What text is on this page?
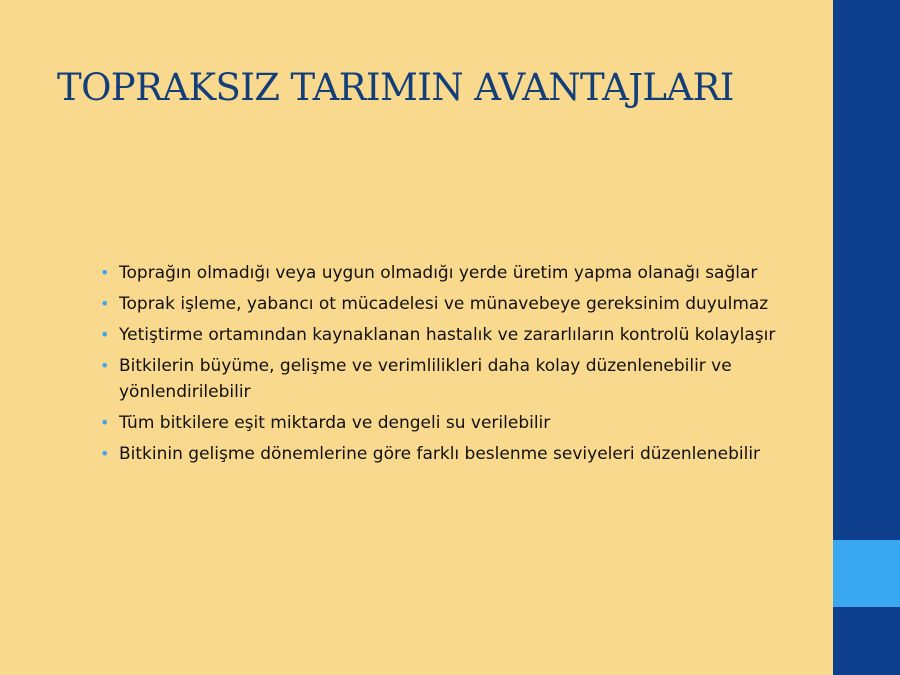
TOPRAKSIZ TARIMIN AVANTAJLARI
• Toprağın olmadığı veya uygun olmadığı yerde üretim yapma olanağı sağlar
• Toprak işleme, yabancı ot mücadelesi ve münavebeye gereksinim duyulmaz
• Yetiştirme ortamından kaynaklanan hastalık ve zararlıların kontrolü kolaylaşır
• Bitkilerin büyüme, gelişme ve verimlilikleri daha kolay düzenlenebilir ve yönlendirilebilir
• Tüm bitkilere eşit miktarda ve dengeli su verilebilir
• Bitkinin gelişme dönemlerine göre farklı beslenme seviyeleri düzenlenebilir
